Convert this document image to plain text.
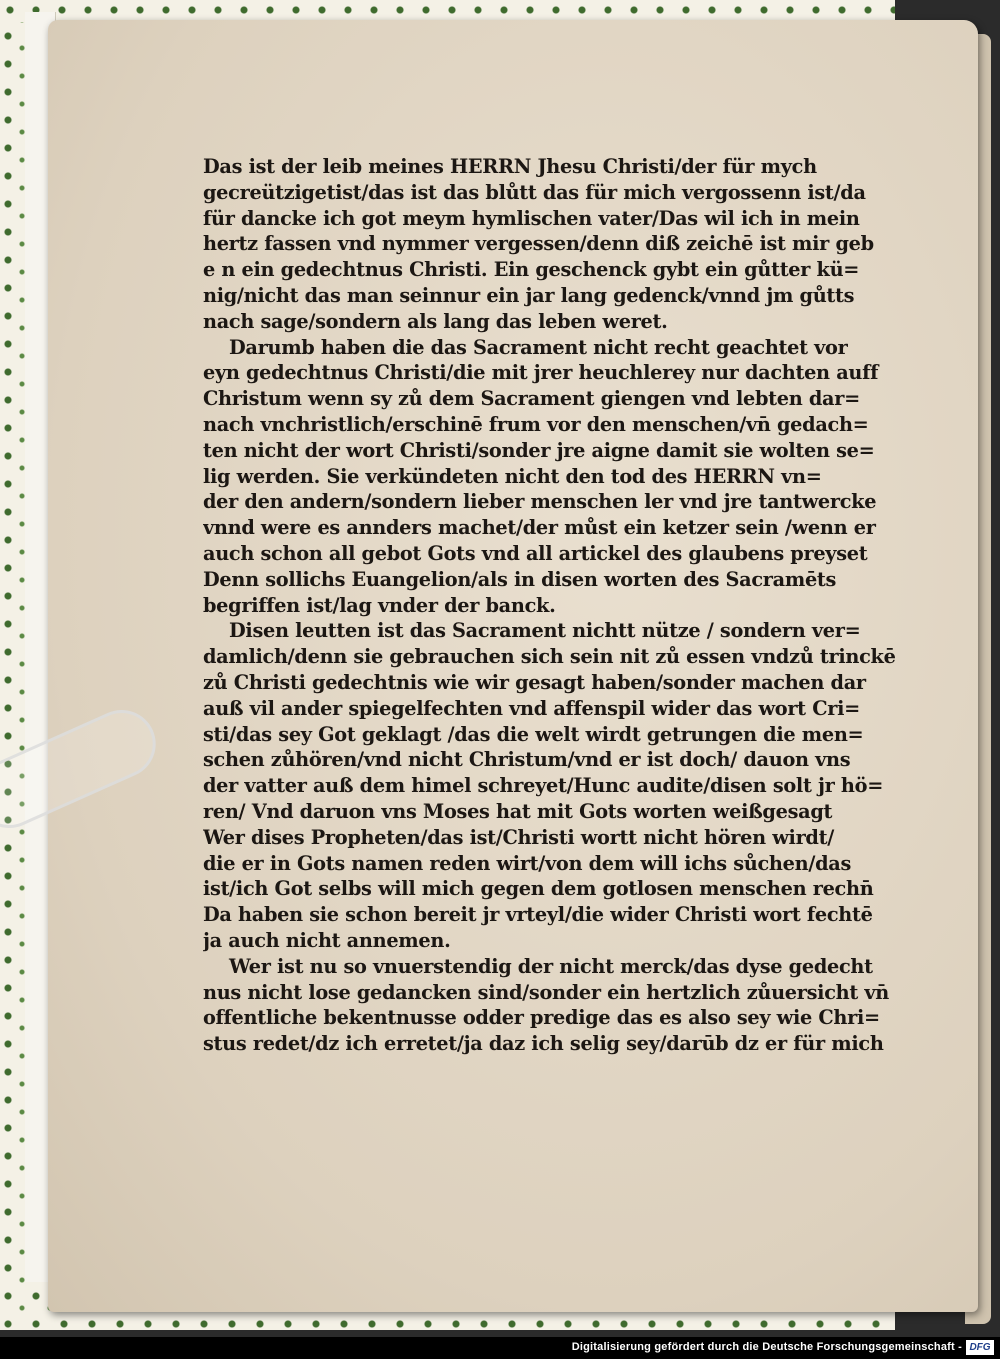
Das ist der leib meines HERRN Jhesu Christi/der für mych
gecreützigetist/das ist das blůtt das für mich vergossenn ist/da
für dancke ich got meym hymlischen vater/Das wil ich in mein
hertz fassen vnd nymmer vergessen/denn diß zeichē ist mir geb
e n ein gedechtnus Christi. Ein geschenck gybt ein gůtter kü=
nig/nicht das man seinnur ein jar lang gedenck/vnnd jm gůtts
nach sage/sondern als lang das leben weret.
Darumb haben die das Sacrament nicht recht geachtet vor
eyn gedechtnus Christi/die mit jrer heuchlerey nur dachten auff
Christum wenn sy zů dem Sacrament giengen vnd lebten dar=
nach vnchristlich/erschinē frum vor den menschen/vn̄ gedach=
ten nicht der wort Christi/sonder jre aigne damit sie wolten se=
lig werden. Sie verkündeten nicht den tod des HERRN vn=
der den andern/sondern lieber menschen ler vnd jre tantwercke
vnnd were es annders machet/der můst ein ketzer sein /wenn er
auch schon all gebot Gots vnd all artickel des glaubens preyset
Denn sollichs Euangelion/als in disen worten des Sacramēts
begriffen ist/lag vnder der banck.
Disen leutten ist das Sacrament nichtt nütze / sondern ver=
damlich/denn sie gebrauchen sich sein nit zů essen vndzů trinckē
zů Christi gedechtnis wie wir gesagt haben/sonder machen dar
auß vil ander spiegelfechten vnd affenspil wider das wort Cri=
sti/das sey Got geklagt /das die welt wirdt getrungen die men=
schen zůhören/vnd nicht Christum/vnd er ist doch/ dauon vns
der vatter auß dem himel schreyet/Hunc audite/disen solt jr hö=
ren/ Vnd daruon vns Moses hat mit Gots worten weißgesagt
Wer dises Propheten/das ist/Christi wortt nicht hören wirdt/
die er in Gots namen reden wirt/von dem will ichs sůchen/das
ist/ich Got selbs will mich gegen dem gotlosen menschen rechn̄
Da haben sie schon bereit jr vrteyl/die wider Christi wort fechtē
ja auch nicht annemen.
Wer ist nu so vnuerstendig der nicht merck/das dyse gedecht
nus nicht lose gedancken sind/sonder ein hertzlich zůuersicht vn̄
offentliche bekentnusse odder predige das es also sey wie Chri=
stus redet/dz ich erretet/ja daz ich selig sey/darūb dz er für mich
Digitalisierung gefördert durch die Deutsche Forschungsgemeinschaft - DFG
